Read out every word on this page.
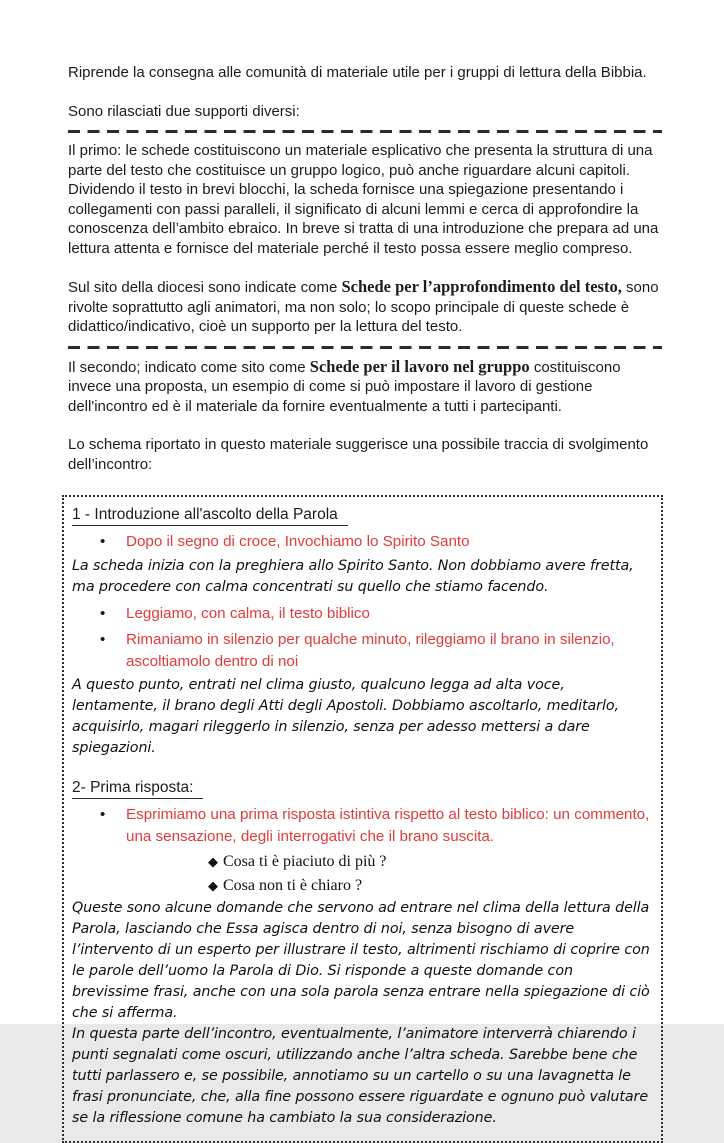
Riprende la consegna alle comunità di materiale utile per i gruppi di lettura della Bibbia.

Sono rilasciati due supporti diversi:

Il primo: le schede costituiscono un materiale esplicativo che presenta la struttura di una parte del testo che costituisce un gruppo logico, può anche riguardare alcuni capitoli. Dividendo il testo in brevi blocchi, la scheda fornisce una spiegazione presentando i collegamenti con passi paralleli, il significato di alcuni lemmi e cerca di approfondire la conoscenza dell’ambito ebraico. In breve si tratta di una introduzione che prepara ad una lettura attenta e fornisce del materiale perché il testo possa essere meglio compreso.

Sul sito della diocesi sono indicate come Schede per l’approfondimento del testo, sono rivolte soprattutto agli animatori, ma non solo; lo scopo principale di queste schede è didattico/indicativo, cioè un supporto per la lettura del testo.

Il secondo; indicato come sito come Schede per il lavoro nel gruppo costituiscono invece una proposta, un esempio di come si può impostare il lavoro di gestione dell'incontro ed è il materiale da fornire eventualmente a tutti i partecipanti.

Lo schema riportato in questo materiale suggerisce una possibile traccia di svolgimento dell’incontro:

1 - Introduzione all'ascolto della Parola
•	Dopo il segno di croce, Invochiamo lo Spirito Santo

La scheda inizia con la preghiera allo Spirito Santo. Non dobbiamo avere fretta, ma procedere con calma concentrati su quello che stiamo facendo.

•	Leggiamo, con calma, il testo biblico
•	Rimaniamo in silenzio per qualche minuto, rileggiamo il brano in silenzio, ascoltiamolo dentro di noi

A questo punto, entrati nel clima giusto, qualcuno legga ad alta voce, lentamente, il brano degli Atti degli Apostoli. Dobbiamo ascoltarlo, meditarlo, acquisirlo, magari rileggerlo in silenzio, senza per adesso mettersi a dare spiegazioni.

2- Prima risposta:
•	Esprimiamo una prima risposta istintiva rispetto al testo biblico: un commento, una sensazione, degli interrogativi che il brano suscita.
◆ Cosa ti è piaciuto di più ?
◆ Cosa non ti è chiaro ?

Queste sono alcune domande che servono ad entrare nel clima della lettura della Parola, lasciando che Essa agisca dentro di noi, senza bisogno di avere l’intervento di un esperto per illustrare il testo, altrimenti rischiamo di coprire con le parole dell’uomo la Parola di Dio. Si risponde a queste domande con brevissime frasi, anche con una sola parola senza entrare nella spiegazione di ciò che si afferma.

In questa parte dell’incontro, eventualmente, l’animatore interverrà chiarendo i punti segnalati come oscuri, utilizzando anche l’altra scheda. Sarebbe bene che tutti parlassero e, se possibile, annotiamo su un cartello o su una lavagnetta le frasi pronunciate, che, alla fine possono essere riguardate e ognuno può valutare se la riflessione comune ha cambiato la sua considerazione.
